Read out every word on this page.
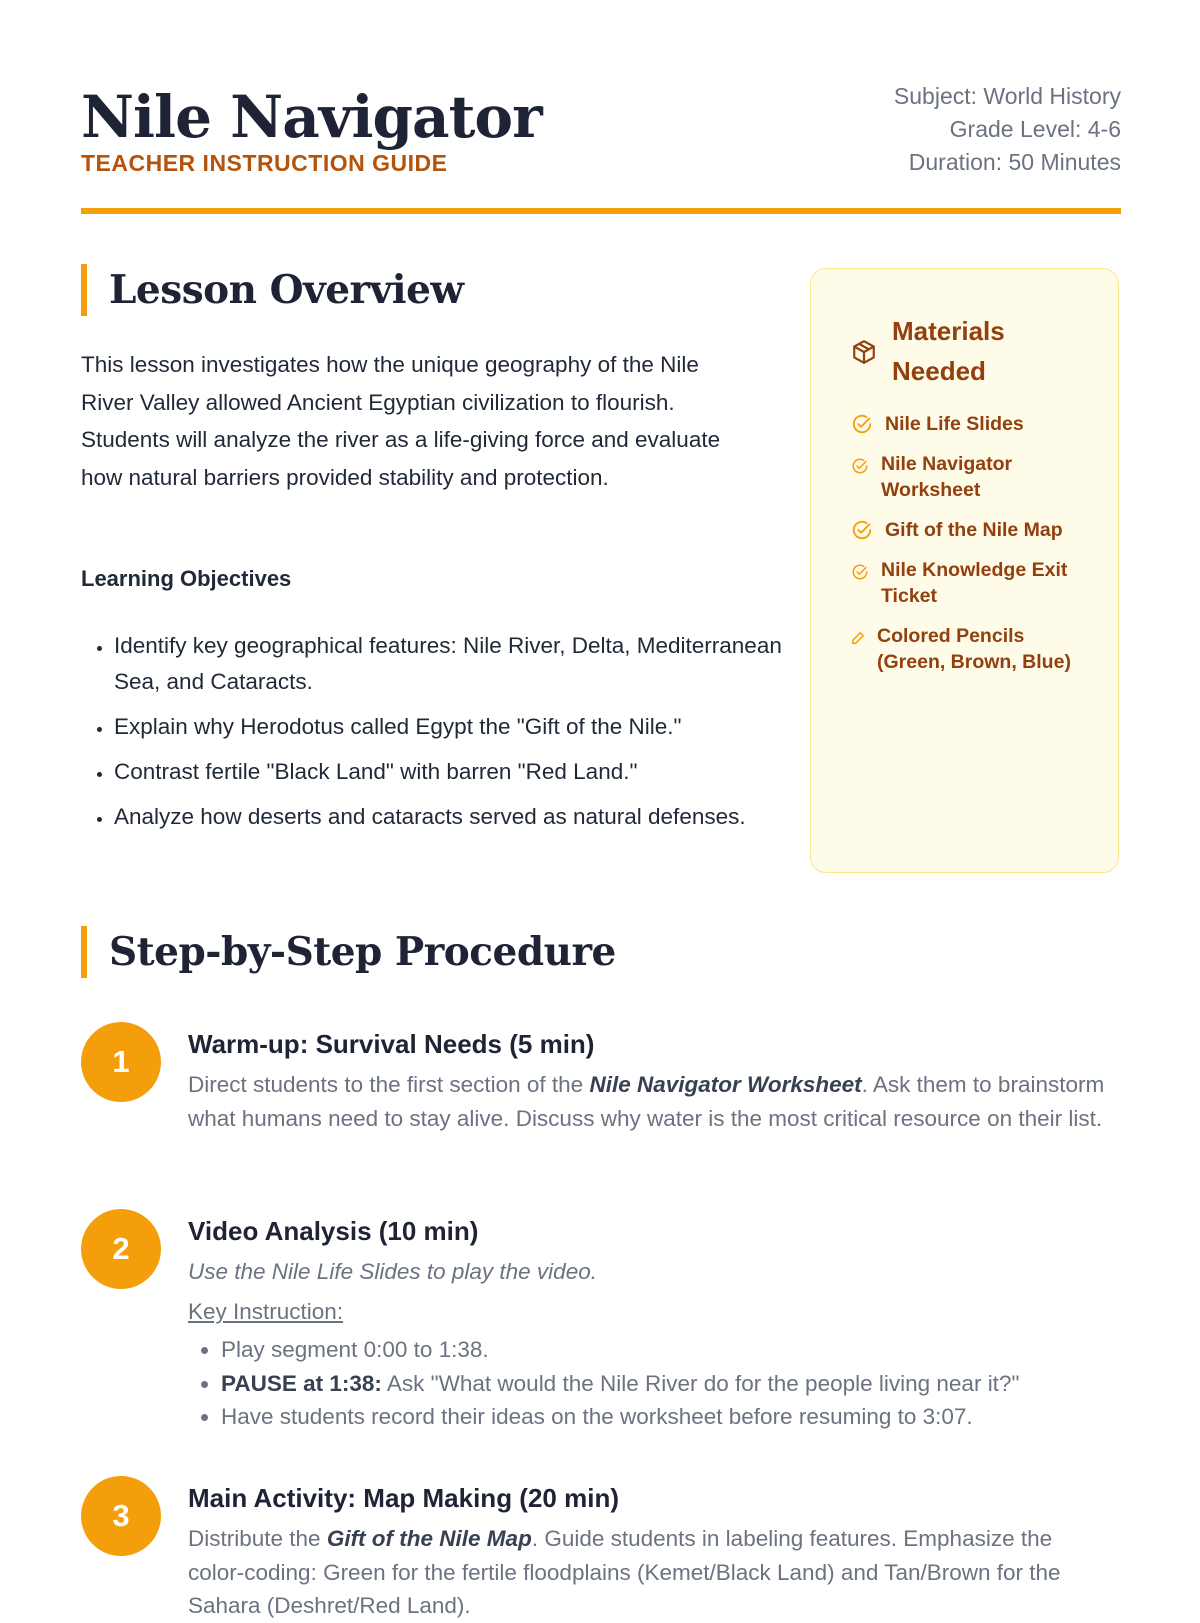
Nile Navigator
TEACHER INSTRUCTION GUIDE
Subject: World History
Grade Level: 4-6
Duration: 50 Minutes
Lesson Overview

This lesson investigates how the unique geography of the Nile River Valley allowed Ancient Egyptian civilization to flourish. Students will analyze the river as a life-giving force and evaluate how natural barriers provided stability and protection.

Learning Objectives
• Identify key geographical features: Nile River, Delta, Mediterranean Sea, and Cataracts.
• Explain why Herodotus called Egypt the "Gift of the Nile."
• Contrast fertile "Black Land" with barren "Red Land."
• Analyze how deserts and cataracts served as natural defenses.
Materials Needed
Nile Life Slides
Nile Navigator Worksheet
Gift of the Nile Map
Nile Knowledge Exit Ticket
Colored Pencils (Green, Brown, Blue)
Step-by-Step Procedure
1	Warm-up: Survival Needs (5 min)

Direct students to the first section of the Nile Navigator Worksheet. Ask them to brainstorm what humans need to stay alive. Discuss why water is the most critical resource on their list.

2	Video Analysis (10 min)

Use the Nile Life Slides to play the video.

Key Instruction:

• Play segment 0:00 to 1:38.
• PAUSE at 1:38: Ask "What would the Nile River do for the people living near it?"
• Have students record their ideas on the worksheet before resuming to 3:07.
3	Main Activity: Map Making (20 min)

Distribute the Gift of the Nile Map. Guide students in labeling features. Emphasize the color-coding: Green for the fertile floodplains (Kemet/Black Land) and Tan/Brown for the Sahara (Deshret/Red Land).
